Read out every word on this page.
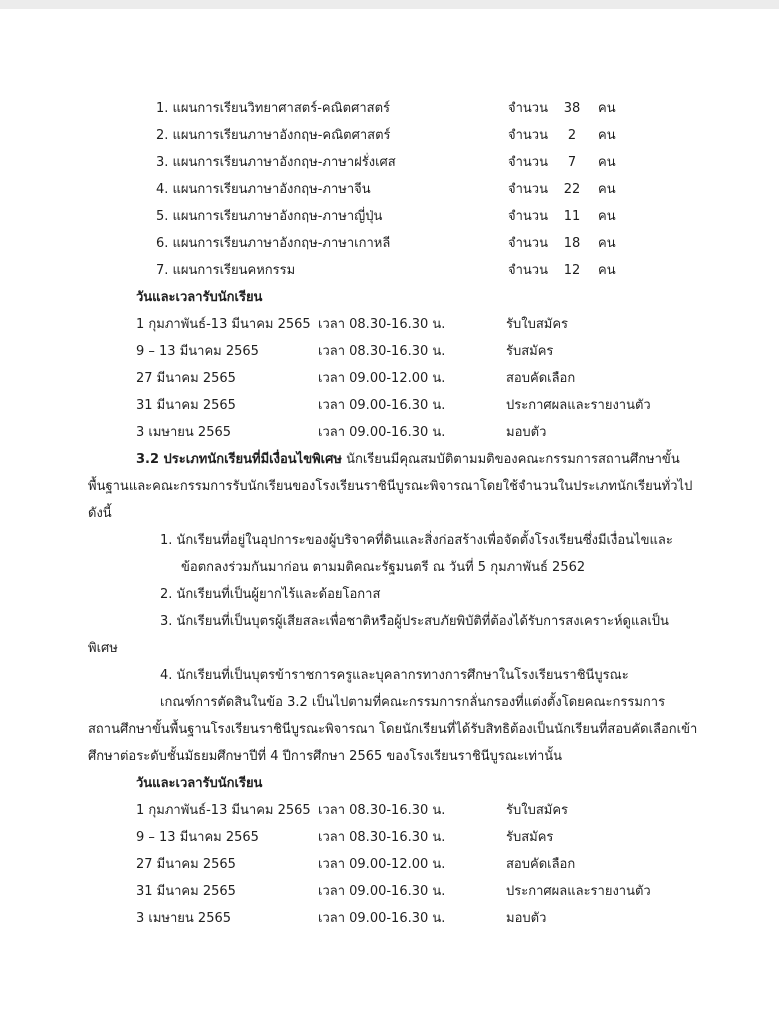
1. แผนการเรียนวิทยาศาสตร์-คณิตศาสตร์	จำนวน 38 คน
2. แผนการเรียนภาษาอังกฤษ-คณิตศาสตร์	จำนวน	2	คน
3. แผนการเรียนภาษาอังกฤษ-ภาษาฝรั่งเศส	จำนวน	7	คน
4. แผนการเรียนภาษาอังกฤษ-ภาษาจีน	จำนวน 22 คน
5. แผนการเรียนภาษาอังกฤษ-ภาษาญี่ปุ่น	จำนวน 11 คน
6. แผนการเรียนภาษาอังกฤษ-ภาษาเกาหลี	จำนวน 18 คน
7. แผนการเรียนคหกรรม	จำนวน 12 คน
วันและเวลารับนักเรียน
1 กุมภาพันธ์-13 มีนาคม 2565 เวลา 08.30-16.30 น.	รับใบสมัคร
9 – 13 มีนาคม 2565	เวลา 08.30-16.30 น.	รับสมัคร
27 มีนาคม 2565	เวลา 09.00-12.00 น.	สอบคัดเลือก
31 มีนาคม 2565	เวลา 09.00-16.30 น.	ประกาศผลและรายงานตัว
3 เมษายน 2565	เวลา 09.00-16.30 น.	มอบตัว
3.2 ประเภทนักเรียนที่มีเงื่อนไขพิเศษ นักเรียนมีคุณสมบัติตามมติของคณะกรรมการสถานศึกษาขั้น
พื้นฐานและคณะกรรมการรับนักเรียนของโรงเรียนราชินีบูรณะพิจารณาโดยใช้จำนวนในประเภทนักเรียนทั่วไป
ดังนี้
1. นักเรียนที่อยู่ในอุปการะของผู้บริจาคที่ดินและสิ่งก่อสร้างเพื่อจัดตั้งโรงเรียนซึ่งมีเงื่อนไขและ
ข้อตกลงร่วมกันมาก่อน ตามมติคณะรัฐมนตรี ณ วันที่ 5 กุมภาพันธ์ 2562
2. นักเรียนที่เป็นผู้ยากไร้และด้อยโอกาส
3. นักเรียนที่เป็นบุตรผู้เสียสละเพื่อชาติหรือผู้ประสบภัยพิบัติที่ต้องได้รับการสงเคราะห์ดูแลเป็น
พิเศษ
4. นักเรียนที่เป็นบุตรข้าราชการครูและบุคลากรทางการศึกษาในโรงเรียนราชินีบูรณะ
เกณฑ์การตัดสินในข้อ 3.2 เป็นไปตามที่คณะกรรมการกลั่นกรองที่แต่งตั้งโดยคณะกรรมการ
สถานศึกษาขั้นพื้นฐานโรงเรียนราชินีบูรณะพิจารณา โดยนักเรียนที่ได้รับสิทธิต้องเป็นนักเรียนที่สอบคัดเลือกเข้า
ศึกษาต่อระดับชั้นมัธยมศึกษาปีที่ 4 ปีการศึกษา 2565 ของโรงเรียนราชินีบูรณะเท่านั้น
วันและเวลารับนักเรียน
1 กุมภาพันธ์-13 มีนาคม 2565 เวลา 08.30-16.30 น.	รับใบสมัคร
9 – 13 มีนาคม 2565	เวลา 08.30-16.30 น.	รับสมัคร
27 มีนาคม 2565	เวลา 09.00-12.00 น.	สอบคัดเลือก
31 มีนาคม 2565	เวลา 09.00-16.30 น.	ประกาศผลและรายงานตัว
3 เมษายน 2565	เวลา 09.00-16.30 น.	มอบตัว
